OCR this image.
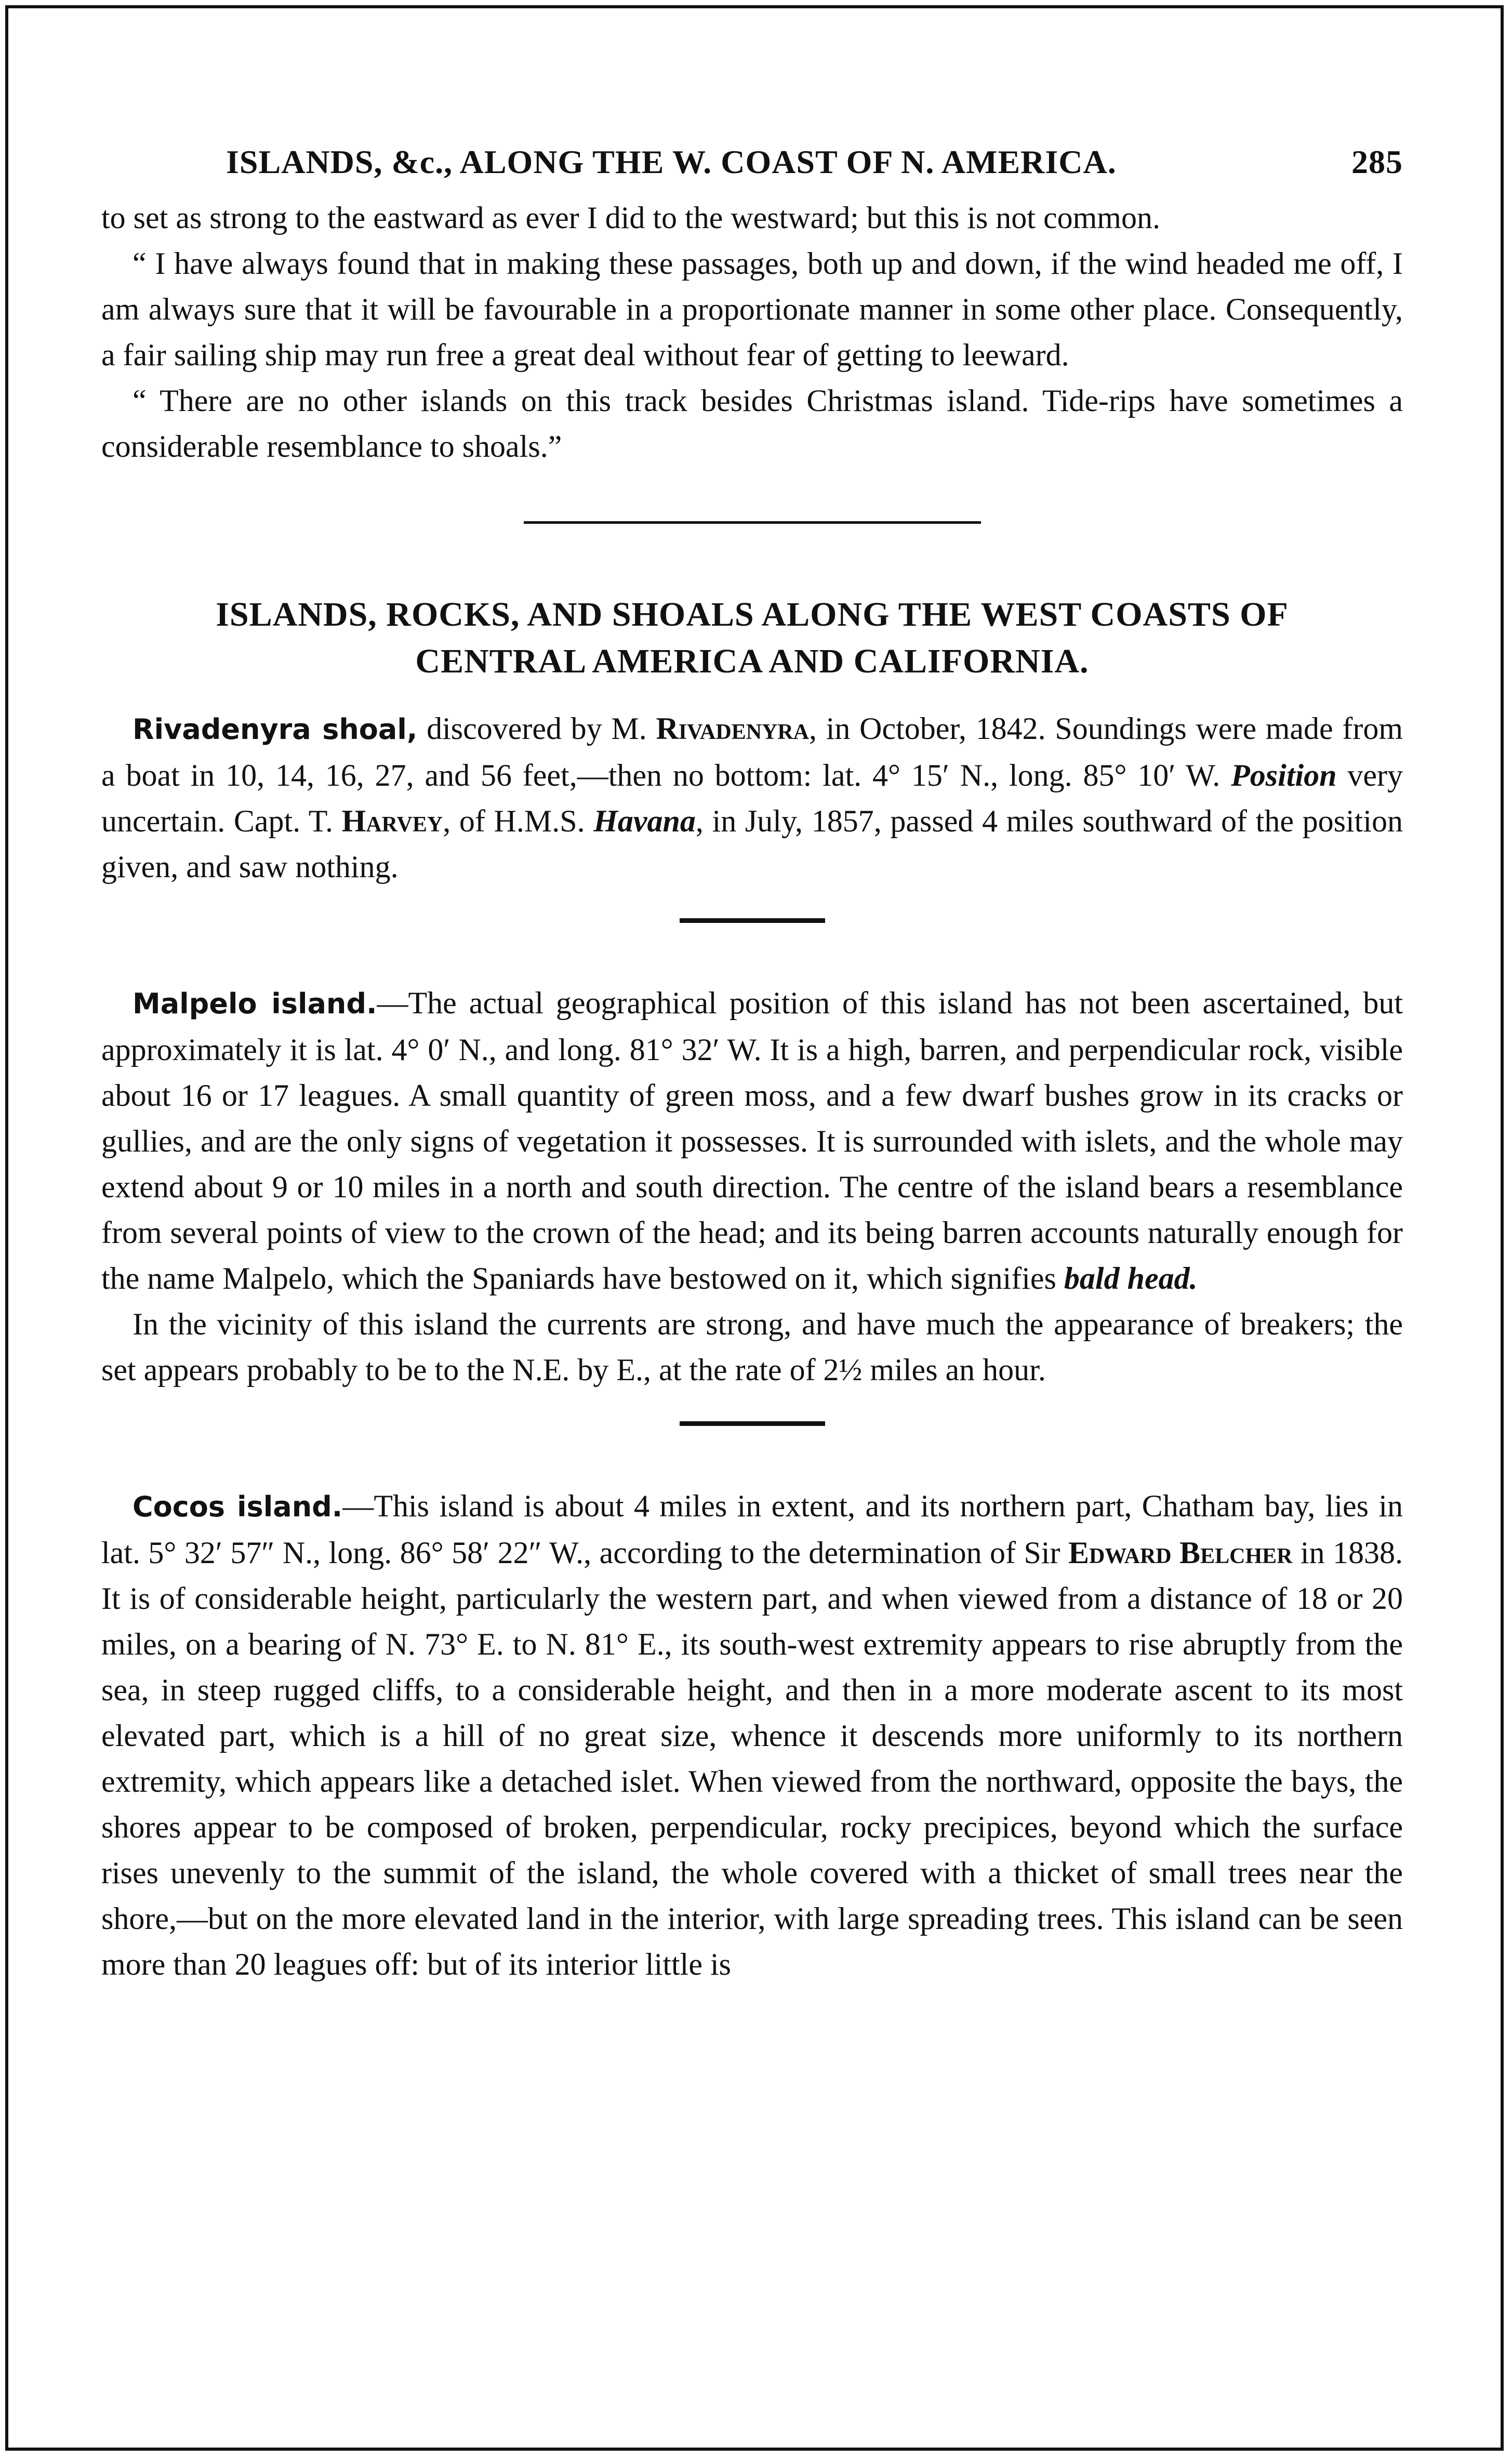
ISLANDS, &c., ALONG THE W. COAST OF N. AMERICA.	285

to set as strong to the eastward as ever I did to the westward; but this is not common.

“ I have always found that in making these passages, both up and down, if the wind headed me off, I am always sure that it will be favourable in a proportionate manner in some other place. Consequently, a fair sailing ship may run free a great deal without fear of getting to leeward.

“ There are no other islands on this track besides Christmas island. Tide-rips have sometimes a considerable resemblance to shoals.”

ISLANDS, ROCKS, AND SHOALS ALONG THE WEST COASTS OF
CENTRAL AMERICA AND CALIFORNIA.

Rivadenyra shoal, discovered by M. Rivadenyra, in October, 1842. Soundings were made from a boat in 10, 14, 16, 27, and 56 feet,—then no bottom: lat. 4° 15′ N., long. 85° 10′ W. Position very uncertain. Capt. T. Harvey, of H.M.S. Havana, in July, 1857, passed 4 miles southward of the position given, and saw nothing.

Malpelo island.—The actual geographical position of this island has not been ascertained, but approximately it is lat. 4° 0′ N., and long. 81° 32′ W. It is a high, barren, and perpendicular rock, visible about 16 or 17 leagues. A small quantity of green moss, and a few dwarf bushes grow in its cracks or gullies, and are the only signs of vegetation it possesses. It is surrounded with islets, and the whole may extend about 9 or 10 miles in a north and south direction. The centre of the island bears a resemblance from several points of view to the crown of the head; and its being barren accounts naturally enough for the name Malpelo, which the Spaniards have bestowed on it, which signifies bald head.

In the vicinity of this island the currents are strong, and have much the appearance of breakers; the set appears probably to be to the N.E. by E., at the rate of 2½ miles an hour.

Cocos island.—This island is about 4 miles in extent, and its northern part, Chatham bay, lies in lat. 5° 32′ 57″ N., long. 86° 58′ 22″ W., according to the determination of Sir Edward Belcher in 1838. It is of considerable height, particularly the western part, and when viewed from a distance of 18 or 20 miles, on a bearing of N. 73° E. to N. 81° E., its south-west extremity appears to rise abruptly from the sea, in steep rugged cliffs, to a considerable height, and then in a more moderate ascent to its most elevated part, which is a hill of no great size, whence it descends more uniformly to its northern extremity, which appears like a detached islet. When viewed from the northward, opposite the bays, the shores appear to be composed of broken, perpendicular, rocky precipices, beyond which the surface rises unevenly to the summit of the island, the whole covered with a thicket of small trees near the shore,—but on the more elevated land in the interior, with large spreading trees. This island can be seen more than 20 leagues off: but of its interior little is
